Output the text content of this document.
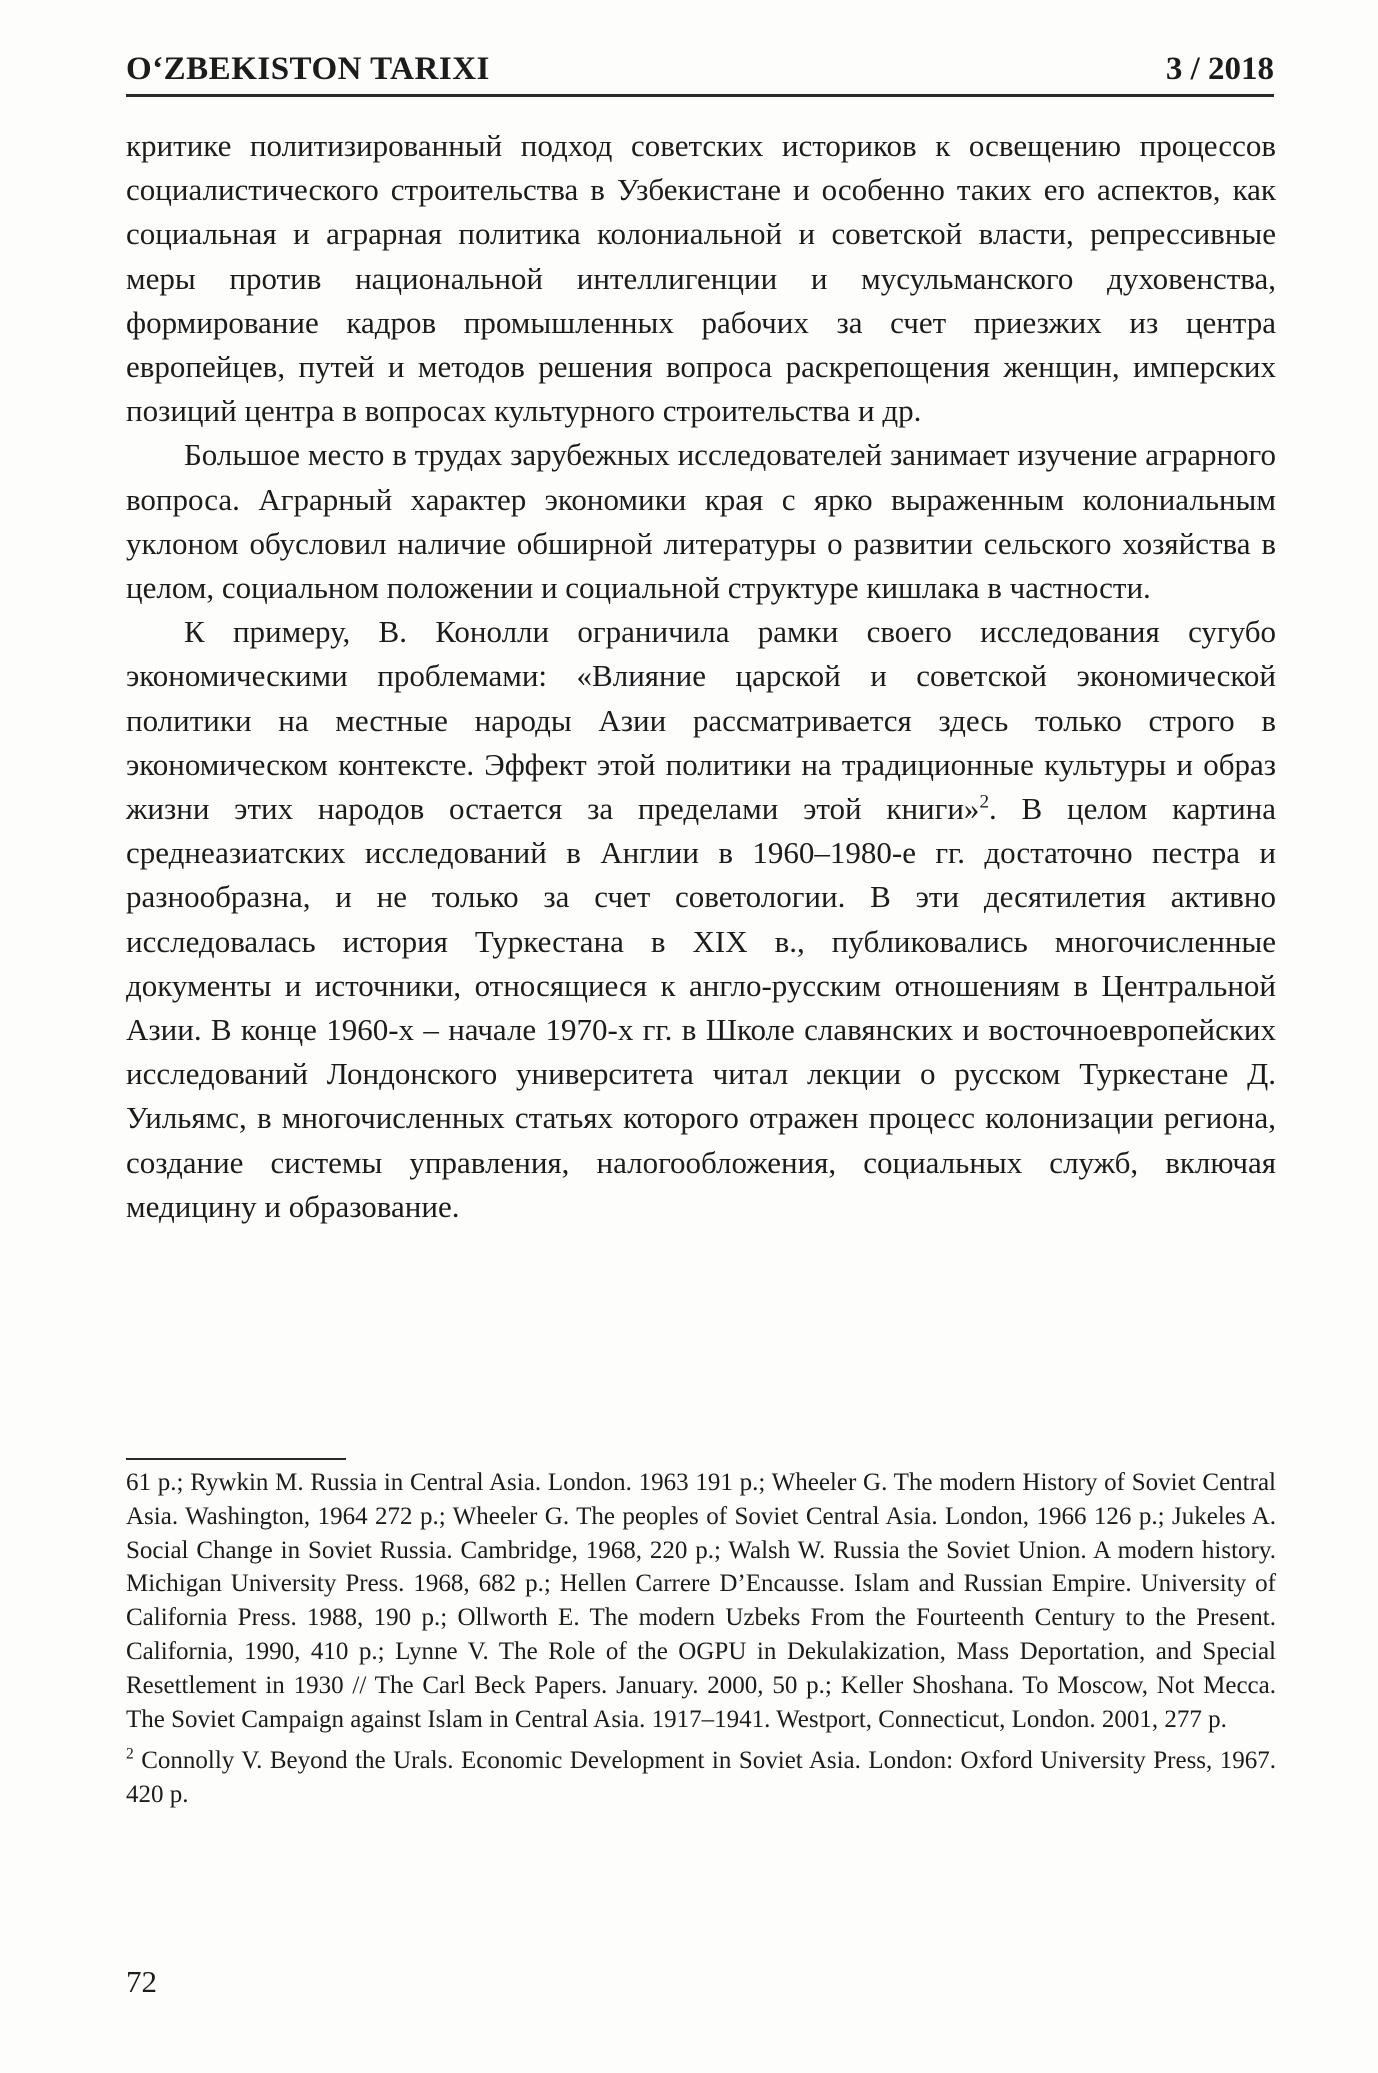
O‘ZBEKISTON TARIXI	3 / 2018

критике политизированный подход советских историков к освещению процессов социалистического строительства в Узбекистане и особенно таких его аспектов, как социальная и аграрная политика колониальной и советской власти, репрессивные меры против национальной интеллигенции и мусульманского духовенства, формирование кадров промышленных рабочих за счет приезжих из центра европейцев, путей и методов решения вопроса раскрепощения женщин, имперских позиций центра в вопросах культурного строительства и др.

Большое место в трудах зарубежных исследователей занимает изучение аграрного вопроса. Аграрный характер экономики края с ярко выраженным колониальным уклоном обусловил наличие обширной литературы о развитии сельского хозяйства в целом, социальном положении и социальной структуре кишлака в частности.

К примеру, В. Конолли ограничила рамки своего исследования сугубо экономическими проблемами: «Влияние царской и советской экономической политики на местные народы Азии рассматривается здесь только строго в экономическом контексте. Эффект этой политики на традиционные культуры и образ жизни этих народов остается за пределами этой книги»$^2$. В целом картина среднеазиатских исследований в Англии в 1960–1980-е гг. достаточно пестра и разнообразна, и не только за счет советологии. В эти десятилетия активно исследовалась история Туркестана в XIX в., публиковались многочисленные документы и источники, относящиеся к англо-русским отношениям в Центральной Азии. В конце 1960-х – начале 1970-х гг. в Школе славянских и восточноевропейских исследований Лондонского университета читал лекции о русском Туркестане Д. Уильямс, в многочисленных статьях которого отражен процесс колонизации региона, создание системы управления, налогообложения, социальных служб, включая медицину и образование.

61 p.; Rywkin M. Russia in Central Asia. London. 1963 191 p.; Wheeler G. The modern History of Soviet Central Asia. Washington, 1964 272 p.; Wheeler G. The peoples of Soviet Central Asia. London, 1966 126 p.; Jukeles A. Social Change in Soviet Russia. Cambridge, 1968, 220 p.; Walsh W. Russia the Soviet Union. A modern history. Michigan University Press. 1968, 682 p.; Hellen Carrere D’Encausse. Islam and Russian Empire. University of California Press. 1988, 190 p.; Ollworth E. The modern Uzbeks From the Fourteenth Century to the Present. California, 1990, 410 p.; Lynne V. The Role of the OGPU in Dekulakization, Mass Deportation, and Special Resettlement in 1930 // The Carl Beck Papers. January. 2000, 50 p.; Keller Shoshana. To Moscow, Not Mecca. The Soviet Campaign against Islam in Central Asia. 1917–1941. Westport, Connecticut, London. 2001, 277 p.

$^2$ Connolly V. Beyond the Urals. Economic Development in Soviet Asia. London: Oxford University Press, 1967. 420 p.

72
